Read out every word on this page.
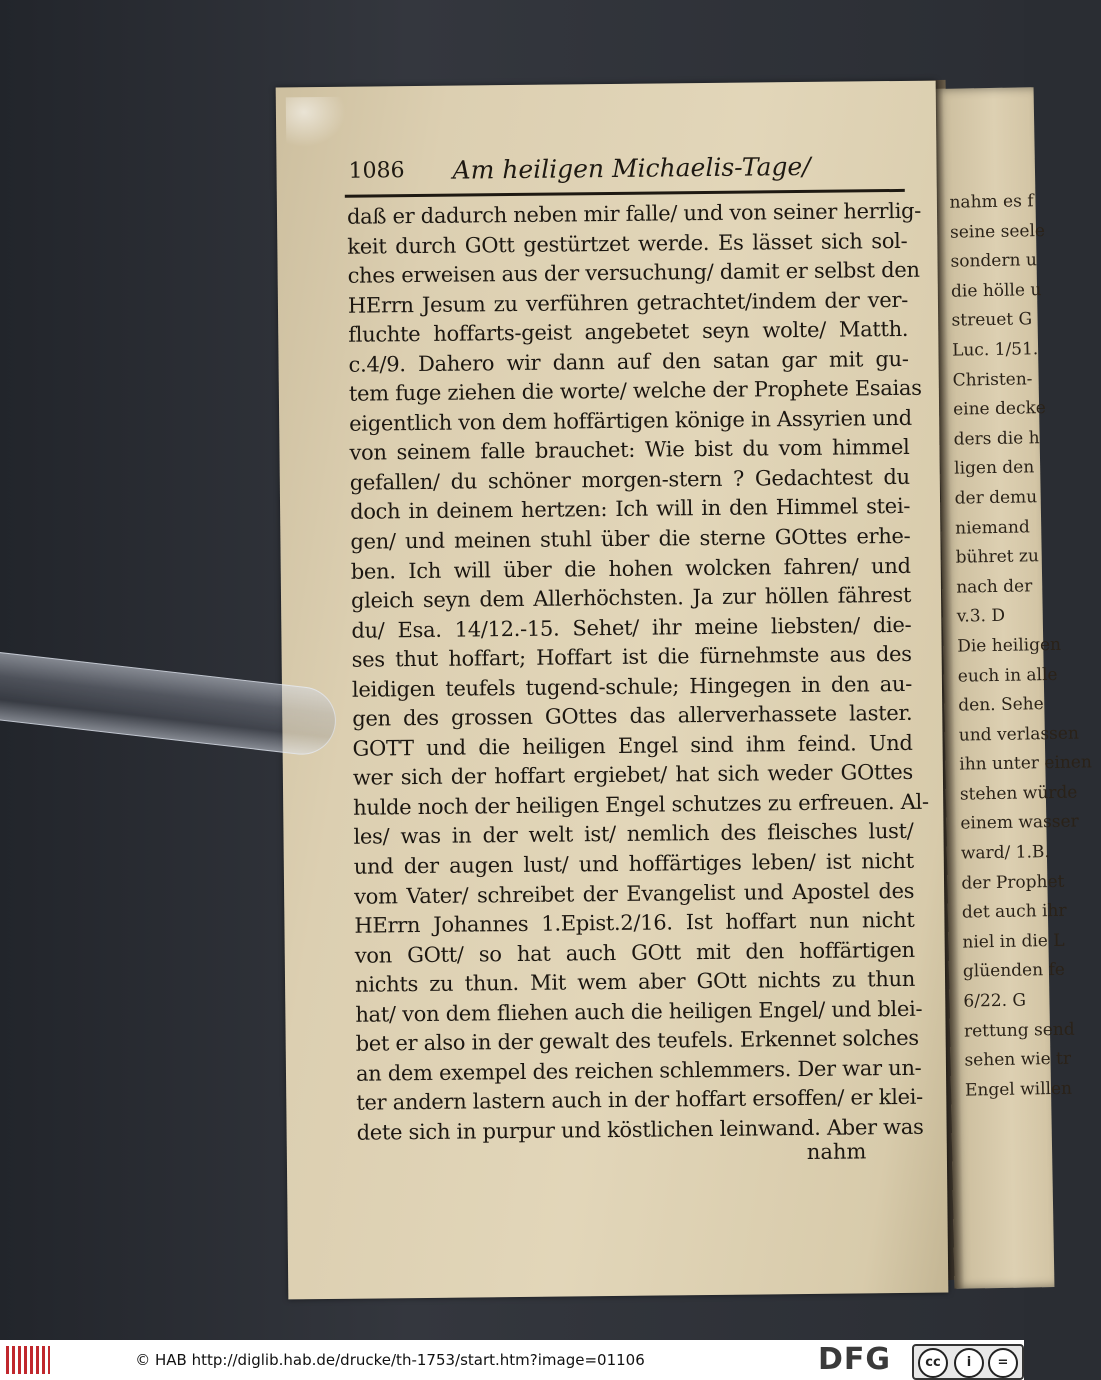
nahm es f
seine seele
sondern u
die hölle u
streuet G
Luc. 1/51.
Christen-
eine decke
ders die h
ligen den
der demu
niemand
bühret zu
nach der
v.3. D
Die heiligen
euch in alle
den. Sehe
und verlassen
ihn unter einen
stehen würde
einem wasser
ward/ 1.B.
der Prophet
det auch ihr
niel in die L
glüenden fe
6/22. G
rettung send
sehen wie tr
Engel willen
1086 Am heiligen Michaelis-Tage/
daß er dadurch neben mir falle/ und von seiner herrlig-
keit durch GOtt gestürtzet werde. Es lässet sich sol-
ches erweisen aus der versuchung/ damit er selbst den
HErrn Jesum zu verführen getrachtet/indem der ver-
fluchte hoffarts-geist angebetet seyn wolte/ Matth.
c.4/9. Dahero wir dann auf den satan gar mit gu-
tem fuge ziehen die worte/ welche der Prophete Esaias
eigentlich von dem hoffärtigen könige in Assyrien und
von seinem falle brauchet: Wie bist du vom himmel
gefallen/ du schöner morgen-stern ? Gedachtest du
doch in deinem hertzen: Ich will in den Himmel stei-
gen/ und meinen stuhl über die sterne GOttes erhe-
ben. Ich will über die hohen wolcken fahren/ und
gleich seyn dem Allerhöchsten. Ja zur höllen fährest
du/ Esa. 14/12.-15. Sehet/ ihr meine liebsten/ die-
ses thut hoffart; Hoffart ist die fürnehmste aus des
leidigen teufels tugend-schule; Hingegen in den au-
gen des grossen GOttes das allerverhassete laster.
GOTT und die heiligen Engel sind ihm feind. Und
wer sich der hoffart ergiebet/ hat sich weder GOttes
hulde noch der heiligen Engel schutzes zu erfreuen. Al-
les/ was in der welt ist/ nemlich des fleisches lust/
und der augen lust/ und hoffärtiges leben/ ist nicht
vom Vater/ schreibet der Evangelist und Apostel des
HErrn Johannes 1.Epist.2/16. Ist hoffart nun nicht
von GOtt/ so hat auch GOtt mit den hoffärtigen
nichts zu thun. Mit wem aber GOtt nichts zu thun
hat/ von dem fliehen auch die heiligen Engel/ und blei-
bet er also in der gewalt des teufels. Erkennet solches
an dem exempel des reichen schlemmers. Der war un-
ter andern lastern auch in der hoffart ersoffen/ er klei-
dete sich in purpur und köstlichen leinwand. Aber was
nahm
© HAB http://diglib.hab.de/drucke/th-1753/start.htm?image=01106	DFG	cc	i	=
